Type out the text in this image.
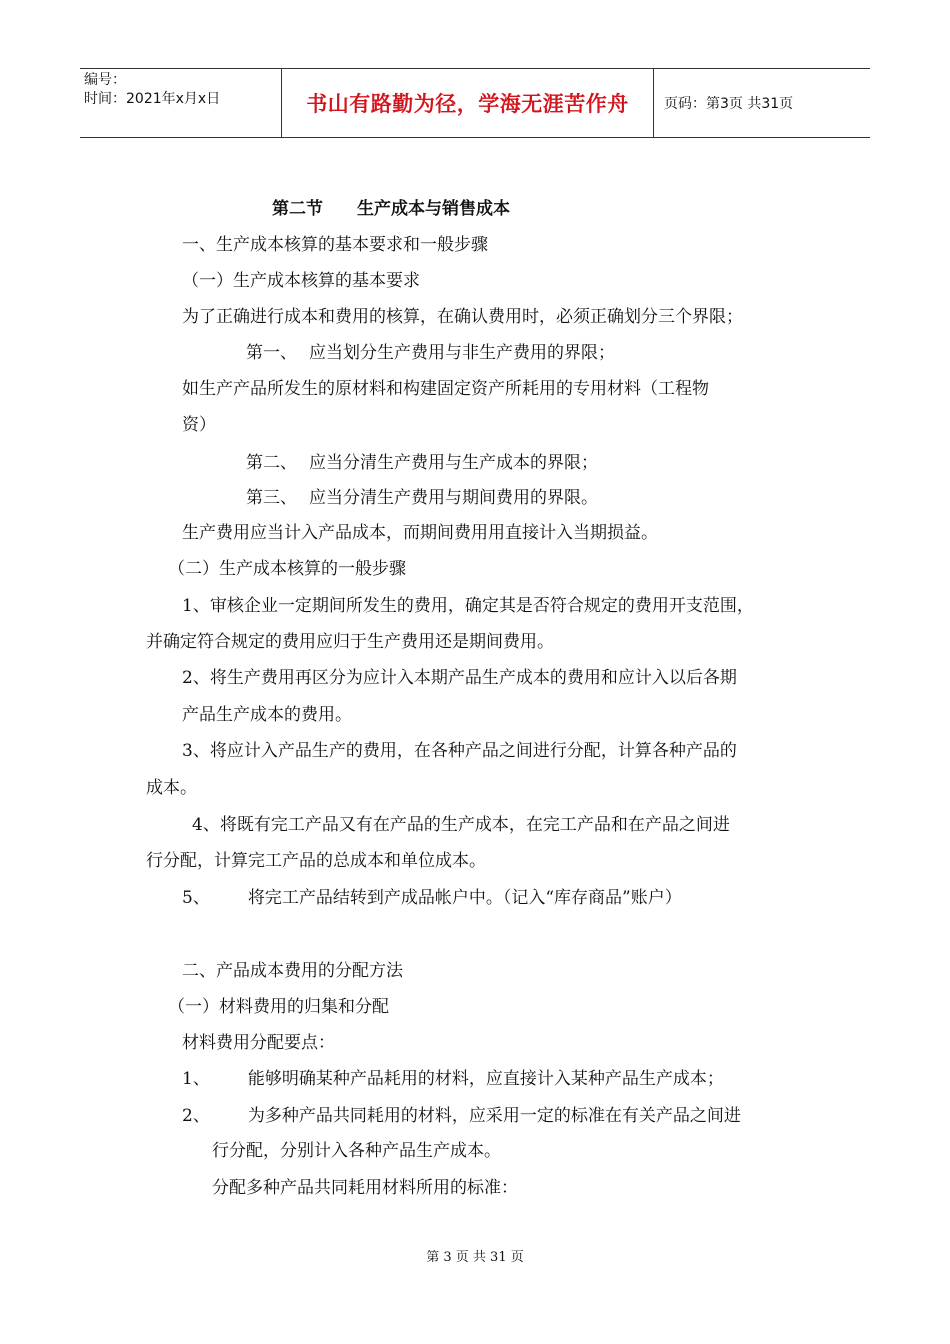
编号：
时间：2021年x月x日	书山有路勤为径，学海无涯苦作舟	页码：第3页 共31页
第二节 生产成本与销售成本
一、生产成本核算的基本要求和一般步骤
（一）生产成本核算的基本要求
为了正确进行成本和费用的核算，在确认费用时，必须正确划分三个界限；
第一、 应当划分生产费用与非生产费用的界限；
如生产产品所发生的原材料和构建固定资产所耗用的专用材料（工程物
资）
第二、 应当分清生产费用与生产成本的界限；
第三、 应当分清生产费用与期间费用的界限。
生产费用应当计入产品成本，而期间费用用直接计入当期损益。
（二）生产成本核算的一般步骤
1、审核企业一定期间所发生的费用，确定其是否符合规定的费用开支范围，
并确定符合规定的费用应归于生产费用还是期间费用。
2、将生产费用再区分为应计入本期产品生产成本的费用和应计入以后各期
产品生产成本的费用。
3、将应计入产品生产的费用，在各种产品之间进行分配，计算各种产品的
成本。
4、将既有完工产品又有在产品的生产成本，在完工产品和在产品之间进
行分配，计算完工产品的总成本和单位成本。
5、 将完工产品结转到产成品帐户中。（记入“库存商品”账户）
二、产品成本费用的分配方法
（一）材料费用的归集和分配
材料费用分配要点：
1、 能够明确某种产品耗用的材料，应直接计入某种产品生产成本；
2、 为多种产品共同耗用的材料，应采用一定的标准在有关产品之间进
行分配，分别计入各种产品生产成本。
分配多种产品共同耗用材料所用的标准：
第 3 页 共 31 页
